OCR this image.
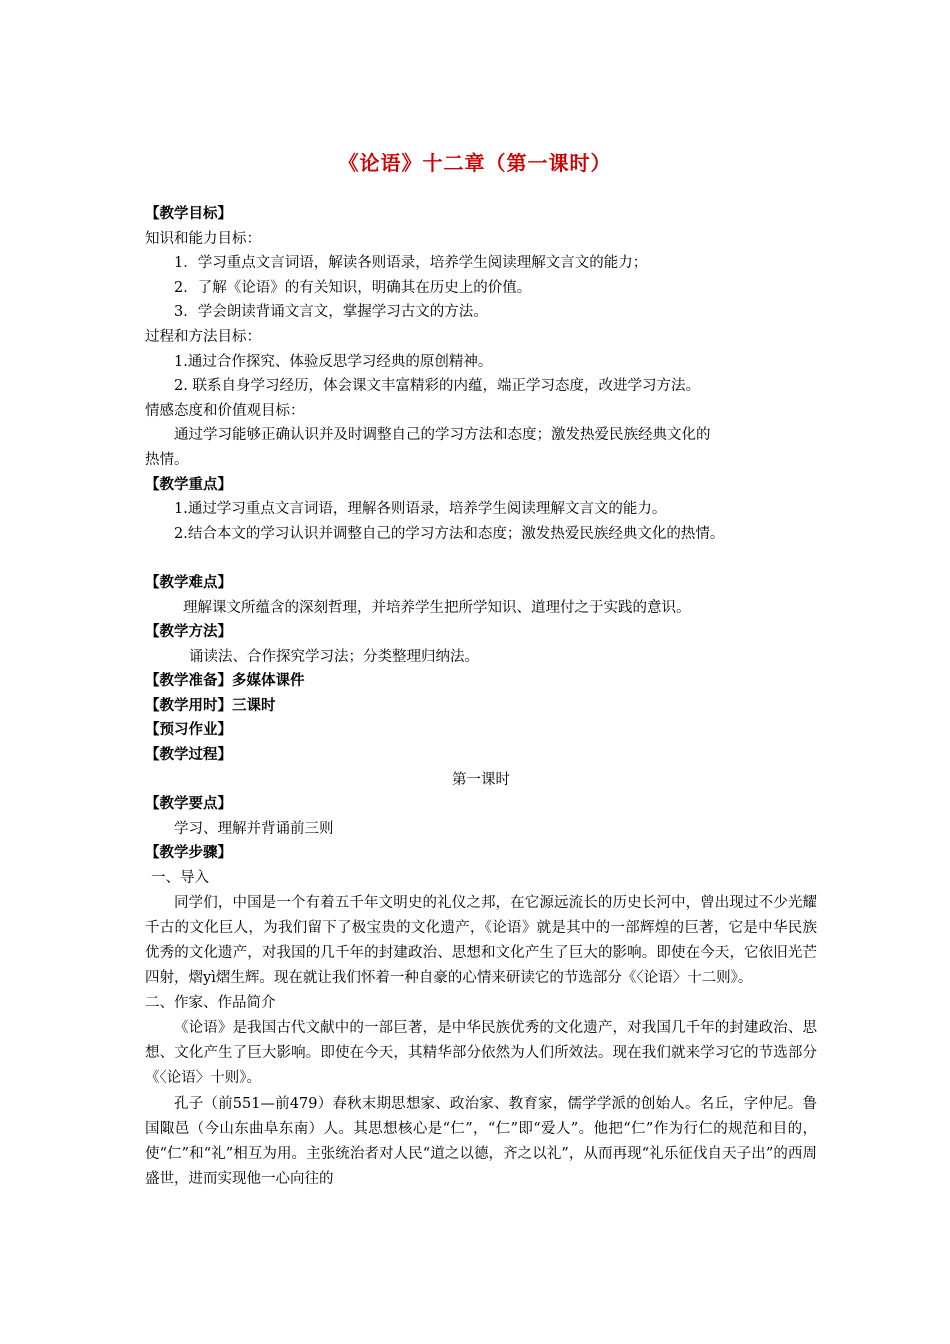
《论语》十二章（第一课时）
【教学目标】
知识和能力目标：
1．学习重点文言词语，解读各则语录，培养学生阅读理解文言文的能力；
2．了解《论语》的有关知识，明确其在历史上的价值。
3．学会朗读背诵文言文，掌握学习古文的方法。
过程和方法目标：
1.通过合作探究、体验反思学习经典的原创精神。
2. 联系自身学习经历，体会课文丰富精彩的内蕴，端正学习态度，改进学习方法。
情感态度和价值观目标：
通过学习能够正确认识并及时调整自己的学习方法和态度；激发热爱民族经典文化的
热情。
【教学重点】
1.通过学习重点文言词语，理解各则语录，培养学生阅读理解文言文的能力。
2.结合本文的学习认识并调整自己的学习方法和态度；激发热爱民族经典文化的热情。
【教学难点】
理解课文所蕴含的深刻哲理，并培养学生把所学知识、道理付之于实践的意识。
【教学方法】
诵读法、合作探究学习法；分类整理归纳法。
【教学准备】多媒体课件
【教学用时】三课时
【预习作业】
【教学过程】
第一课时
【教学要点】
学习、理解并背诵前三则
【教学步骤】
一、导入
同学们，中国是一个有着五千年文明史的礼仪之邦，在它源远流长的历史长河中，曾出现过不少光耀千古的文化巨人，为我们留下了极宝贵的文化遗产，《论语》就是其中的一部辉煌的巨著，它是中华民族优秀的文化遗产，对我国的几千年的封建政治、思想和文化产生了巨大的影响。即使在今天，它依旧光芒四射，熠yì熠生辉。现在就让我们怀着一种自豪的心情来研读它的节选部分《〈论语〉十二则》。
二、作家、作品简介
《论语》是我国古代文献中的一部巨著，是中华民族优秀的文化遗产，对我国几千年的封建政治、思想、文化产生了巨大影响。即使在今天，其精华部分依然为人们所效法。现在我们就来学习它的节选部分《〈论语〉十则》。
孔子（前551—前479）春秋末期思想家、政治家、教育家，儒学学派的创始人。名丘，字仲尼。鲁国陬邑（今山东曲阜东南）人。其思想核心是“仁”，“仁”即“爱人”。他把“仁”作为行仁的规范和目的，使“仁”和“礼”相互为用。主张统治者对人民“道之以德，齐之以礼”，从而再现“礼乐征伐自天子出”的西周盛世，进而实现他一心向往的
